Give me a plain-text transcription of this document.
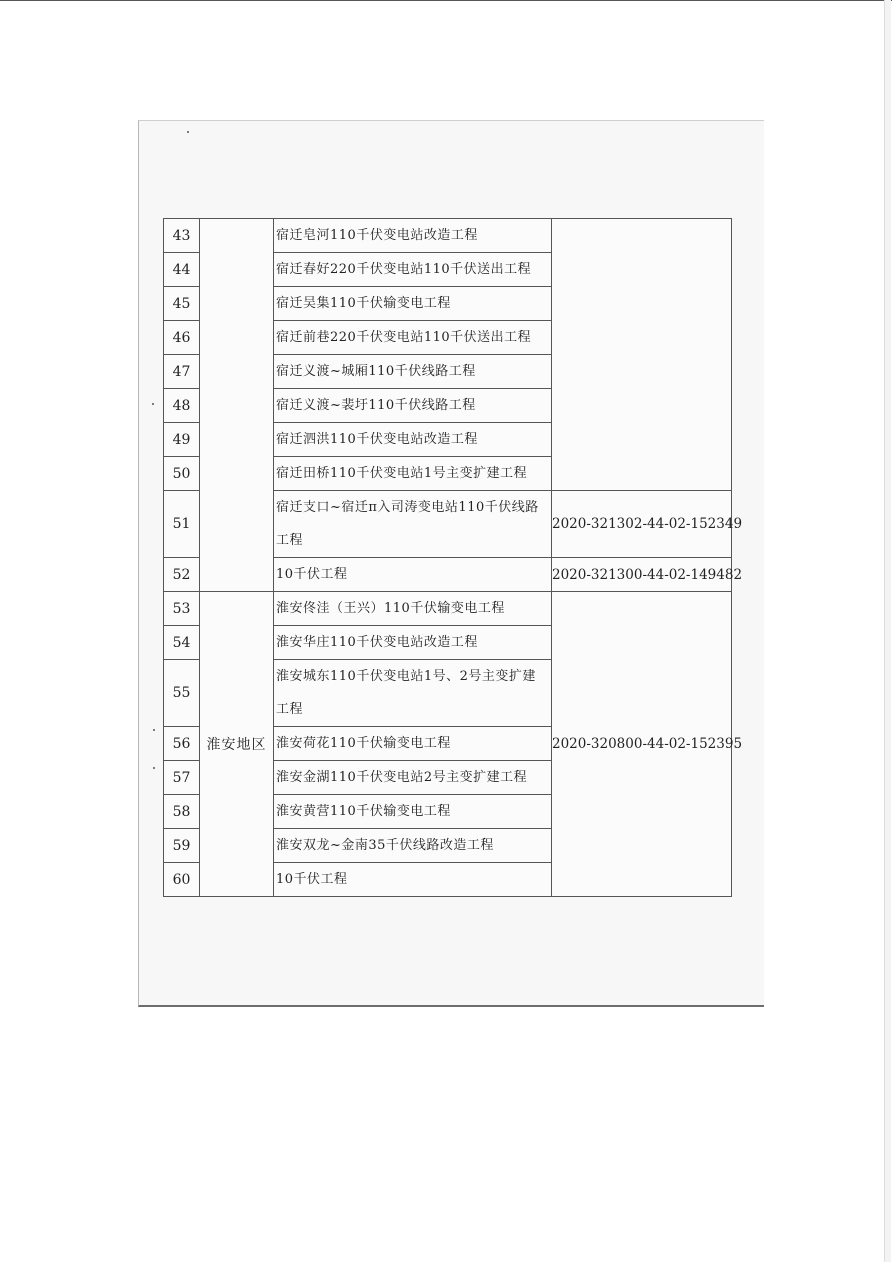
43		宿迁皂河110千伏变电站改造工程	
44		宿迁春好220千伏变电站110千伏送出工程	
45		宿迁吴集110千伏输变电工程	
46		宿迁前巷220千伏变电站110千伏送出工程	
47		宿迁义渡~城厢110千伏线路工程	
48		宿迁义渡~裴圩110千伏线路工程	
49		宿迁泗洪110千伏变电站改造工程	
50		宿迁田桥110千伏变电站1号主变扩建工程	
51		宿迁支口~宿迁π入司涛变电站110千伏线路工程	2020-321302-44-02-152349
52		10千伏工程	2020-321300-44-02-149482
53	淮安地区	淮安佟洼（王兴）110千伏输变电工程	2020-320800-44-02-152395
54		淮安华庄110千伏变电站改造工程	
55		淮安城东110千伏变电站1号、2号主变扩建工程	
56		淮安荷花110千伏输变电工程	
57		淮安金湖110千伏变电站2号主变扩建工程	
58		淮安黄营110千伏输变电工程	
59		淮安双龙~金南35千伏线路改造工程	
60		10千伏工程	
